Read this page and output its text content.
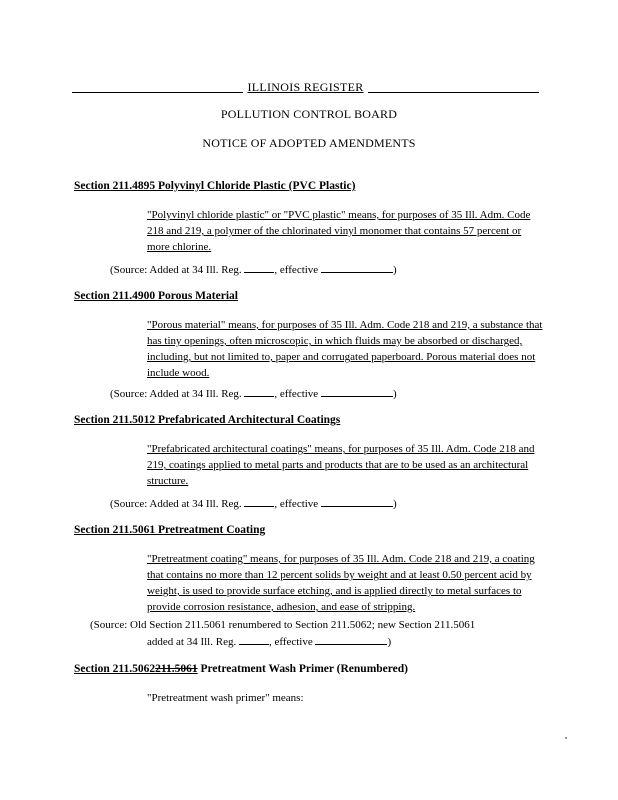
ILLINOIS REGISTER
POLLUTION CONTROL BOARD
NOTICE OF ADOPTED AMENDMENTS
Section 211.4895 Polyvinyl Chloride Plastic (PVC Plastic)
"Polyvinyl chloride plastic" or "PVC plastic" means, for purposes of 35 Ill. Adm. Code 218 and 219, a polymer of the chlorinated vinyl monomer that contains 57 percent or more chlorine.
(Source: Added at 34 Ill. Reg.	, effective	)
Section 211.4900 Porous Material
"Porous material" means, for purposes of 35 Ill. Adm. Code 218 and 219, a substance that has tiny openings, often microscopic, in which fluids may be absorbed or discharged, including, but not limited to, paper and corrugated paperboard. Porous material does not include wood.
(Source: Added at 34 Ill. Reg.	, effective	)
Section 211.5012 Prefabricated Architectural Coatings
"Prefabricated architectural coatings" means, for purposes of 35 Ill. Adm. Code 218 and 219, coatings applied to metal parts and products that are to be used as an architectural structure.
(Source: Added at 34 Ill. Reg.	, effective	)
Section 211.5061 Pretreatment Coating
"Pretreatment coating" means, for purposes of 35 Ill. Adm. Code 218 and 219, a coating that contains no more than 12 percent solids by weight and at least 0.50 percent acid by weight, is used to provide surface etching, and is applied directly to metal surfaces to provide corrosion resistance, adhesion, and ease of stripping.
(Source: Old Section 211.5061 renumbered to Section 211.5062; new Section 211.5061
added at 34 Ill. Reg.	, effective	)
Section 211.5062211.5061 Pretreatment Wash Primer (Renumbered)
"Pretreatment wash primer" means:
